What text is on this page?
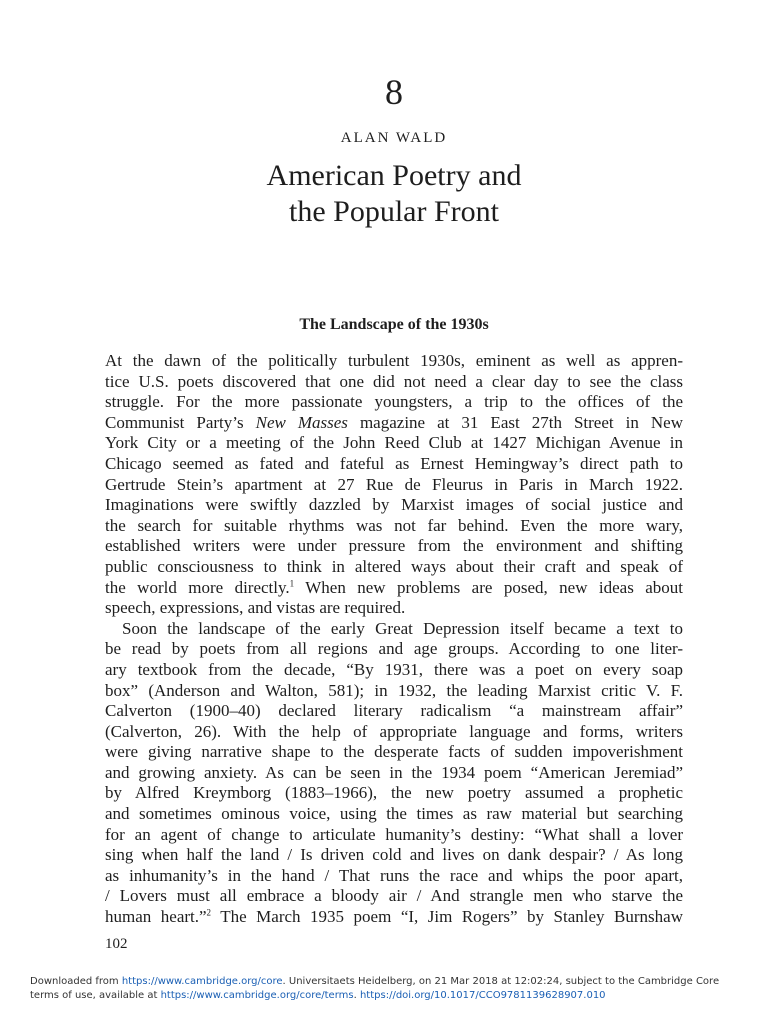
8
ALAN WALD
American Poetry and
the Popular Front
The Landscape of the 1930s
At the dawn of the politically turbulent 1930s, eminent as well as appren-
tice U.S. poets discovered that one did not need a clear day to see the class
struggle. For the more passionate youngsters, a trip to the offices of the
Communist Party’s New Masses magazine at 31 East 27th Street in New
York City or a meeting of the John Reed Club at 1427 Michigan Avenue in
Chicago seemed as fated and fateful as Ernest Hemingway’s direct path to
Gertrude Stein’s apartment at 27 Rue de Fleurus in Paris in March 1922.
Imaginations were swiftly dazzled by Marxist images of social justice and
the search for suitable rhythms was not far behind. Even the more wary,
established writers were under pressure from the environment and shifting
public consciousness to think in altered ways about their craft and speak of
the world more directly.$^1$ When new problems are posed, new ideas about
speech, expressions, and vistas are required.
Soon the landscape of the early Great Depression itself became a text to
be read by poets from all regions and age groups. According to one liter-
ary textbook from the decade, “By 1931, there was a poet on every soap
box” (Anderson and Walton, 581); in 1932, the leading Marxist critic V. F.
Calverton (1900–40) declared literary radicalism “a mainstream affair”
(Calverton, 26). With the help of appropriate language and forms, writers
were giving narrative shape to the desperate facts of sudden impoverishment
and growing anxiety. As can be seen in the 1934 poem “American Jeremiad”
by Alfred Kreymborg (1883–1966), the new poetry assumed a prophetic
and sometimes ominous voice, using the times as raw material but searching
for an agent of change to articulate humanity’s destiny: “What shall a lover
sing when half the land / Is driven cold and lives on dank despair? / As long
as inhumanity’s in the hand / That runs the race and whips the poor apart,
/ Lovers must all embrace a bloody air / And strangle men who starve the
human heart.”$^2$ The March 1935 poem “I, Jim Rogers” by Stanley Burnshaw
102
Downloaded from https://www.cambridge.org/core. Universitaets Heidelberg, on 21 Mar 2018 at 12:02:24, subject to the Cambridge Core
terms of use, available at https://www.cambridge.org/core/terms. https://doi.org/10.1017/CCO9781139628907.010
